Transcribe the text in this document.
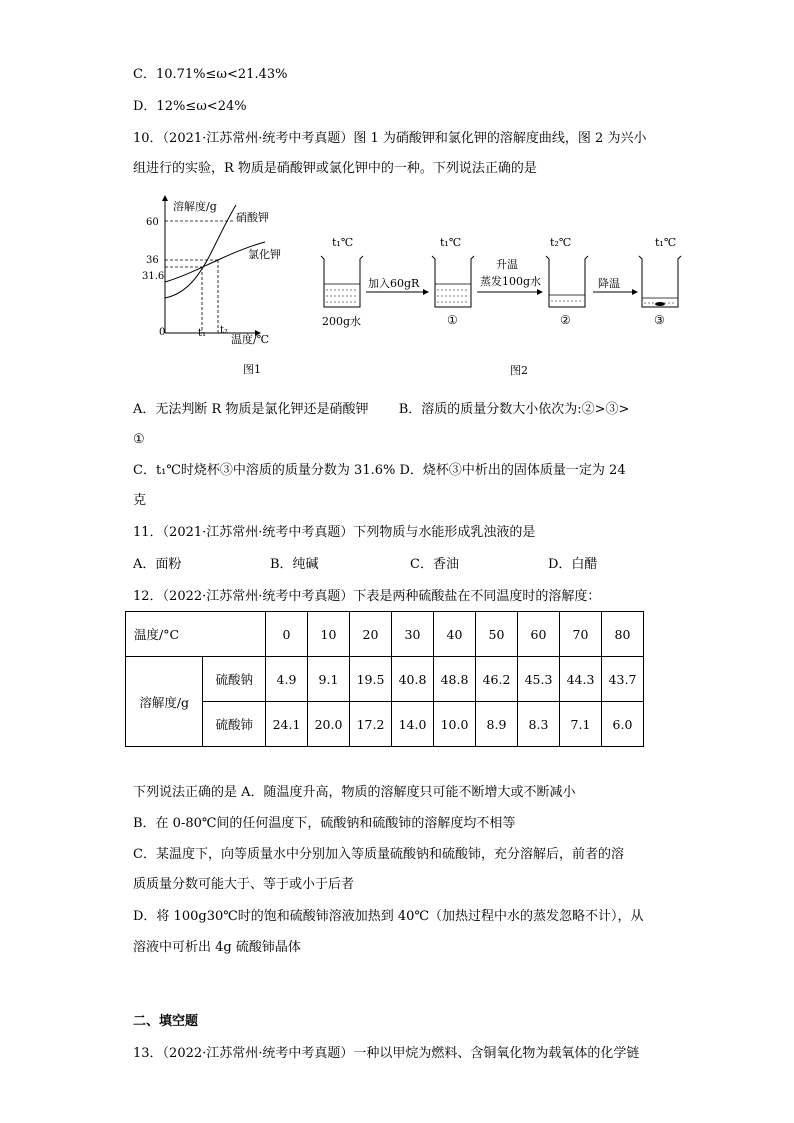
C．10.71%≤ω<21.43%
D．12%≤ω<24%
10．（2021·江苏常州·统考中考真题）图 1 为硝酸钾和氯化钾的溶解度曲线，图 2 为兴小
组进行的实验，R 物质是硝酸钾或氯化钾中的一种。下列说法正确的是
溶解度/g
温度/℃
0
60
36
31.6
t₁ t₂
硝酸钾
氯化钾
图1
t₁℃	t₁℃	t₂℃	t₁℃
200g水
加入60gR
①
升温
蒸发100g水
②
降温
③
图2
A．无法判断 R 物质是氯化钾还是硝酸钾 B．溶质的质量分数大小依次为:②>③>
①
C．t₁℃时烧杯③中溶质的质量分数为 31.6% D．烧杯③中析出的固体质量一定为 24
克
11．（2021·江苏常州·统考中考真题）下列物质与水能形成乳浊液的是
A．面粉	B．纯碱	C．香油	D．白醋
12．（2022·江苏常州·统考中考真题）下表是两种硫酸盐在不同温度时的溶解度：
温度/°C		0	10	20	30	40	50	60	70	80
溶解度/g	硫酸钠	4.9	9.1	19.5	40.8	48.8	46.2	45.3	44.3	43.7
	硫酸铈	24.1	20.0	17.2	14.0	10.0	8.9	8.3	7.1	6.0
下列说法正确的是 A．随温度升高，物质的溶解度只可能不断增大或不断减小
B．在 0-80℃间的任何温度下，硫酸钠和硫酸铈的溶解度均不相等
C．某温度下，向等质量水中分别加入等质量硫酸钠和硫酸铈，充分溶解后，前者的溶
质质量分数可能大于、等于或小于后者
D．将 100g30℃时的饱和硫酸铈溶液加热到 40℃（加热过程中水的蒸发忽略不计），从
溶液中可析出 4g 硫酸铈晶体
二、填空题
13．（2022·江苏常州·统考中考真题）一种以甲烷为燃料、含铜氧化物为载氧体的化学链
